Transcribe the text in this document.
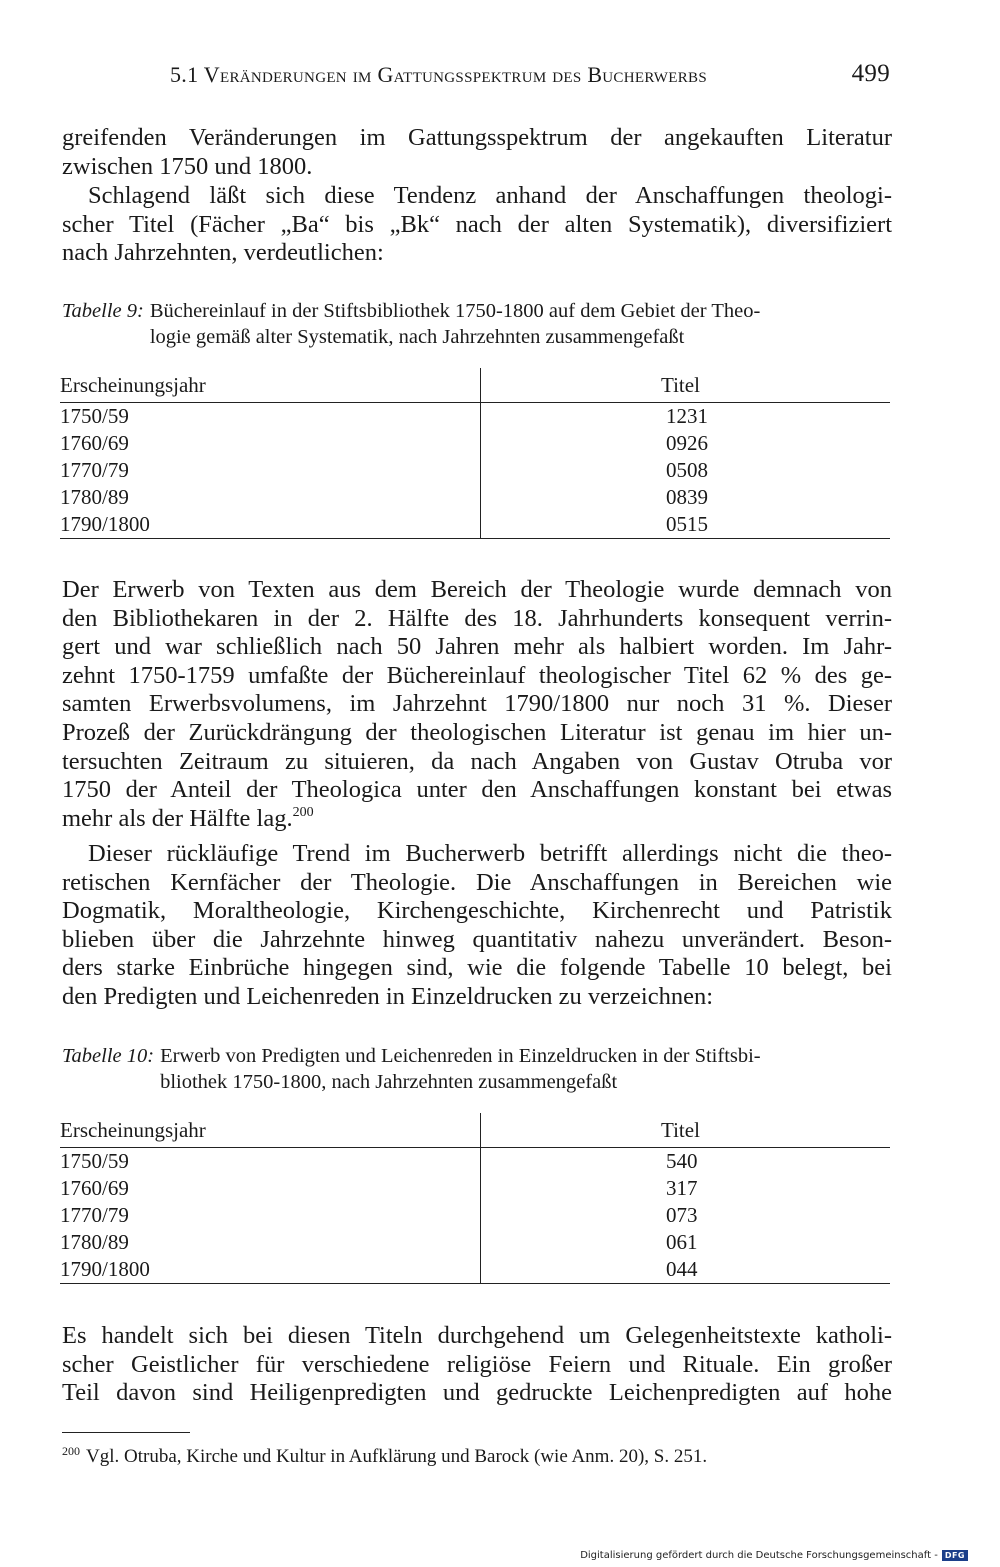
5.1 Veränderungen im Gattungsspektrum des Bucherwerbs	499

greifenden Veränderungen im Gattungsspektrum der angekauften Literatur
zwischen 1750 und 1800.

Schlagend läßt sich diese Tendenz anhand der Anschaffungen theologi-
scher Titel (Fächer „Ba“ bis „Bk“ nach der alten Systematik), diversifiziert
nach Jahrzehnten, verdeutlichen:

Tabelle 9: Büchereinlauf in der Stiftsbibliothek 1750-1800 auf dem Gebiet der Theo-
logie gemäß alter Systematik, nach Jahrzehnten zusammengefaßt
Erscheinungsjahr	Titel
1750/59	1231
1760/69	0926
1770/79	0508
1780/89	0839
1790/1800	0515

Der Erwerb von Texten aus dem Bereich der Theologie wurde demnach von
den Bibliothekaren in der 2. Hälfte des 18. Jahrhunderts konsequent verrin-
gert und war schließlich nach 50 Jahren mehr als halbiert worden. Im Jahr-
zehnt 1750-1759 umfaßte der Büchereinlauf theologischer Titel 62 % des ge-
samten Erwerbsvolumens, im Jahrzehnt 1790/1800 nur noch 31 %. Dieser
Prozeß der Zurückdrängung der theologischen Literatur ist genau im hier un-
tersuchten Zeitraum zu situieren, da nach Angaben von Gustav Otruba vor
1750 der Anteil der Theologica unter den Anschaffungen konstant bei etwas
mehr als der Hälfte lag.$^{200}$

Dieser rückläufige Trend im Bucherwerb betrifft allerdings nicht die theo-
retischen Kernfächer der Theologie. Die Anschaffungen in Bereichen wie
Dogmatik, Moraltheologie, Kirchengeschichte, Kirchenrecht und Patristik
blieben über die Jahrzehnte hinweg quantitativ nahezu unverändert. Beson-
ders starke Einbrüche hingegen sind, wie die folgende Tabelle 10 belegt, bei
den Predigten und Leichenreden in Einzeldrucken zu verzeichnen:

Tabelle 10: Erwerb von Predigten und Leichenreden in Einzeldrucken in der Stiftsbi-
bliothek 1750-1800, nach Jahrzehnten zusammengefaßt
Erscheinungsjahr	Titel
1750/59	540
1760/69	317
1770/79	073
1780/89	061
1790/1800	044

Es handelt sich bei diesen Titeln durchgehend um Gelegenheitstexte katholi-
scher Geistlicher für verschiedene religiöse Feiern und Rituale. Ein großer
Teil davon sind Heiligenpredigten und gedruckte Leichenpredigten auf hohe

$^{200}$ Vgl. Otruba, Kirche und Kultur in Aufklärung und Barock (wie Anm. 20), S. 251.
Digitalisierung gefördert durch die Deutsche Forschungsgemeinschaft - DFG
